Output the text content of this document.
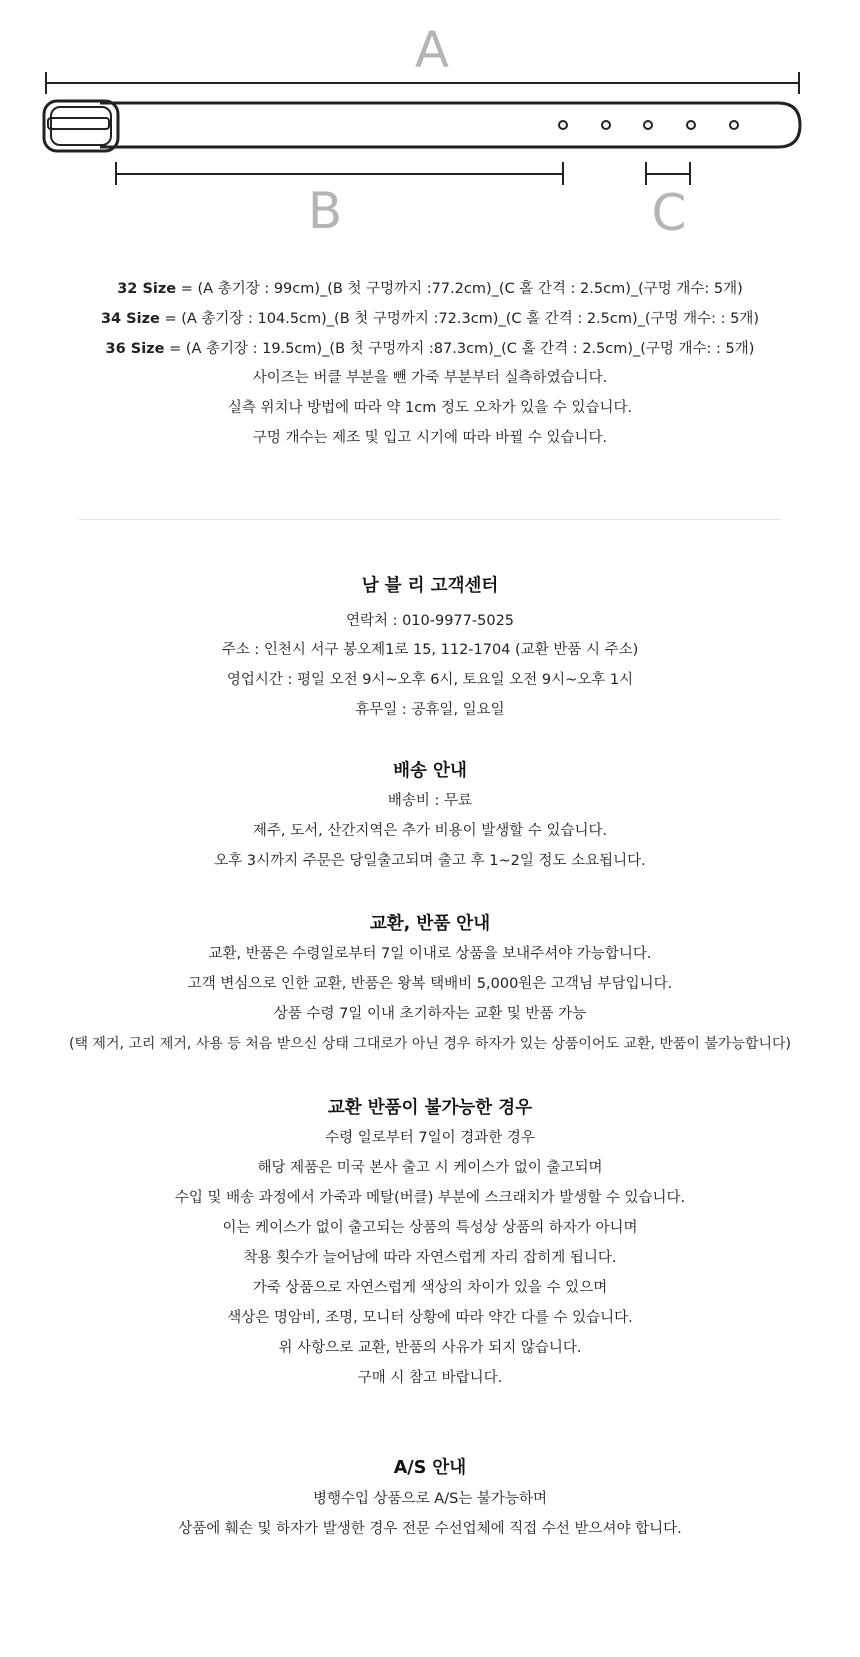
A
B	C
32 Size = (A 총기장 : 99cm)_(B 첫 구멍까지 :77.2cm)_(C 홀 간격 : 2.5cm)_(구멍 개수: 5개)
34 Size = (A 총기장 : 104.5cm)_(B 첫 구멍까지 :72.3cm)_(C 홀 간격 : 2.5cm)_(구멍 개수: : 5개)
36 Size = (A 총기장 : 19.5cm)_(B 첫 구멍까지 :87.3cm)_(C 홀 간격 : 2.5cm)_(구멍 개수: : 5개)
사이즈는 버클 부분을 뺀 가죽 부분부터 실측하였습니다.
실측 위치나 방법에 따라 약 1cm 정도 오차가 있을 수 있습니다.
구멍 개수는 제조 및 입고 시기에 따라 바뀔 수 있습니다.
남 블 리 고객센터
연락처 : 010-9977-5025
주소 : 인천시 서구 봉오제1로 15, 112-1704 (교환 반품 시 주소)
영업시간 : 평일 오전 9시~오후 6시, 토요일 오전 9시~오후 1시
휴무일 : 공휴일, 일요일
배송 안내
배송비 : 무료
제주, 도서, 산간지역은 추가 비용이 발생할 수 있습니다.
오후 3시까지 주문은 당일출고되며 출고 후 1~2일 정도 소요됩니다.
교환, 반품 안내
교환, 반품은 수령일로부터 7일 이내로 상품을 보내주셔야 가능합니다.
고객 변심으로 인한 교환, 반품은 왕복 택배비 5,000원은 고객님 부담입니다.
상품 수령 7일 이내 초기하자는 교환 및 반품 가능
(택 제거, 고리 제거, 사용 등 처음 받으신 상태 그대로가 아닌 경우 하자가 있는 상품이어도 교환, 반품이 불가능합니다)
교환 반품이 불가능한 경우
수령 일로부터 7일이 경과한 경우
해당 제품은 미국 본사 출고 시 케이스가 없이 출고되며
수입 및 배송 과정에서 가죽과 메탈(버클) 부분에 스크래치가 발생할 수 있습니다.
이는 케이스가 없이 출고되는 상품의 특성상 상품의 하자가 아니며
착용 횟수가 늘어남에 따라 자연스럽게 자리 잡히게 됩니다.
가죽 상품으로 자연스럽게 색상의 차이가 있을 수 있으며
색상은 명암비, 조명, 모니터 상황에 따라 약간 다를 수 있습니다.
위 사항으로 교환, 반품의 사유가 되지 않습니다.
구매 시 참고 바랍니다.
A/S 안내
병행수입 상품으로 A/S는 불가능하며
상품에 훼손 및 하자가 발생한 경우 전문 수선업체에 직접 수선 받으셔야 합니다.
